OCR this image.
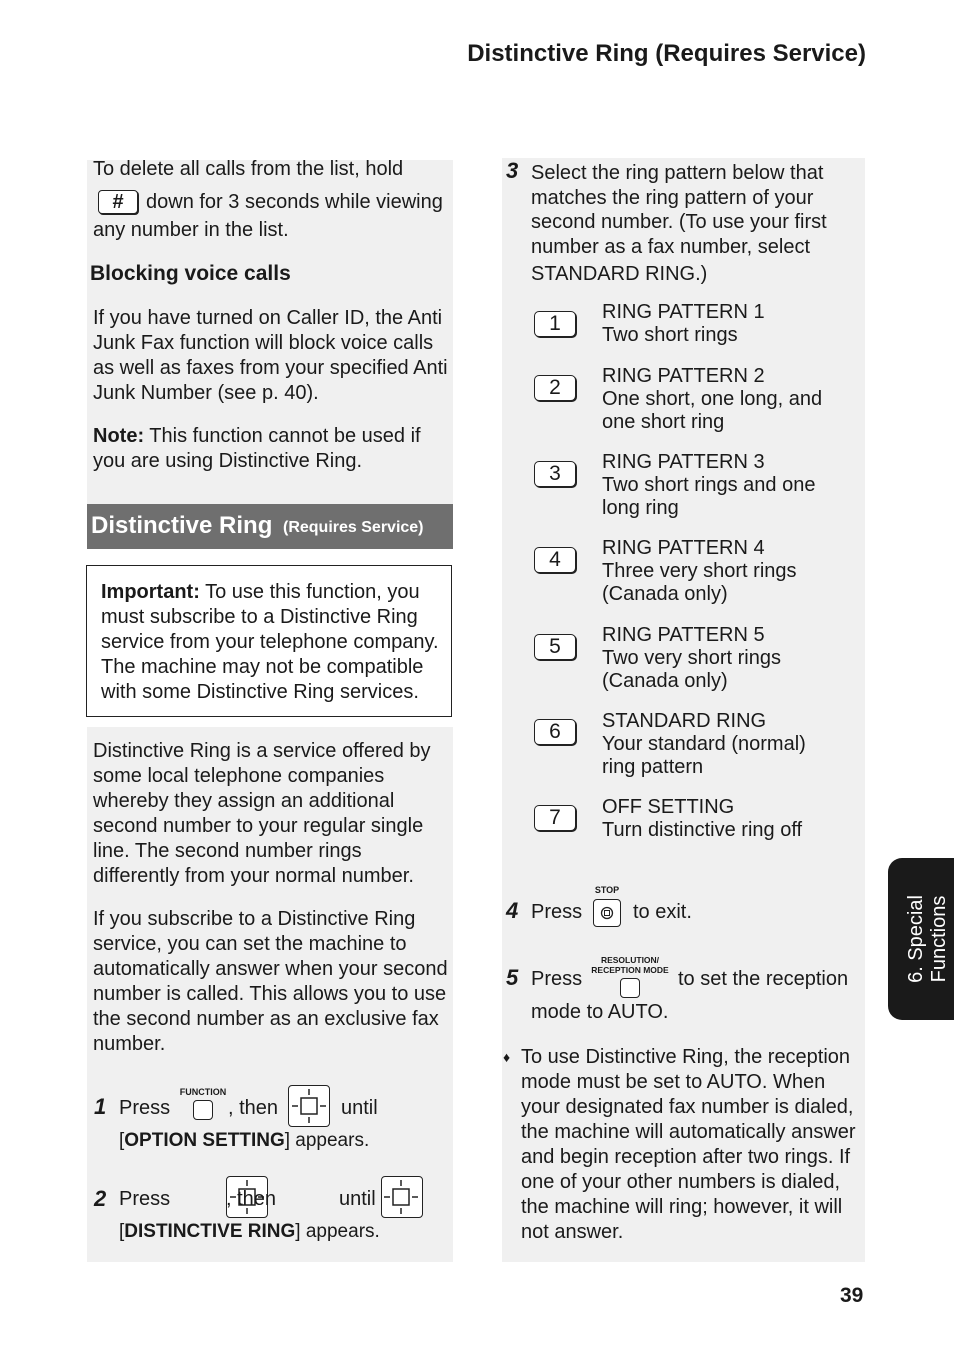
Distinctive Ring (Requires Service)
To delete all calls from the list, hold
# down for 3 seconds while viewing
any number in the list.
Blocking voice calls

If you have turned on Caller ID, the Anti Junk Fax function will block voice calls as well as faxes from your specified Anti Junk Number (see p. 40).

Note: This function cannot be used if you are using Distinctive Ring.

Distinctive Ring (Requires Service)

Important: To use this function, you must subscribe to a Distinctive Ring service from your telephone company. The machine may not be compatible with some Distinctive Ring services.

Distinctive Ring is a service offered by some local telephone companies whereby they assign an additional second number to your regular single line. The second number rings differently from your normal number.

If you subscribe to a Distinctive Ring service, you can set the machine to automatically answer when your second number is called. This allows you to use the second number as an exclusive fax number.

1 Press
FUNCTION
, then
	until
[OPTION SETTING] appears.
2 Press
	, then	until
[DISTINCTIVE RING] appears.
3 Select the ring pattern below that
matches the ring pattern of your
second number. (To use your first
number as a fax number, select
STANDARD RING.)
1	RING PATTERN 1
Two short rings
2	RING PATTERN 2
One short, one long, and
one short ring
3	RING PATTERN 3
Two short rings and one
long ring
4	RING PATTERN 4
Three very short rings
(Canada only)
5	RING PATTERN 5
Two very short rings
(Canada only)
6	STANDARD RING
Your standard (normal)
ring pattern
7	OFF SETTING
Turn distinctive ring off
4 Press
STOP
to exit.
5 Press
RESOLUTION/
RECEPTION MODE to set the reception
mode to AUTO.
♦ To use Distinctive Ring, the reception mode must be set to AUTO. When your designated fax number is dialed, the machine will automatically answer and begin reception after two rings. If one of your other numbers is dialed, the machine will ring; however, it will not answer.

6. Special Functions
39
